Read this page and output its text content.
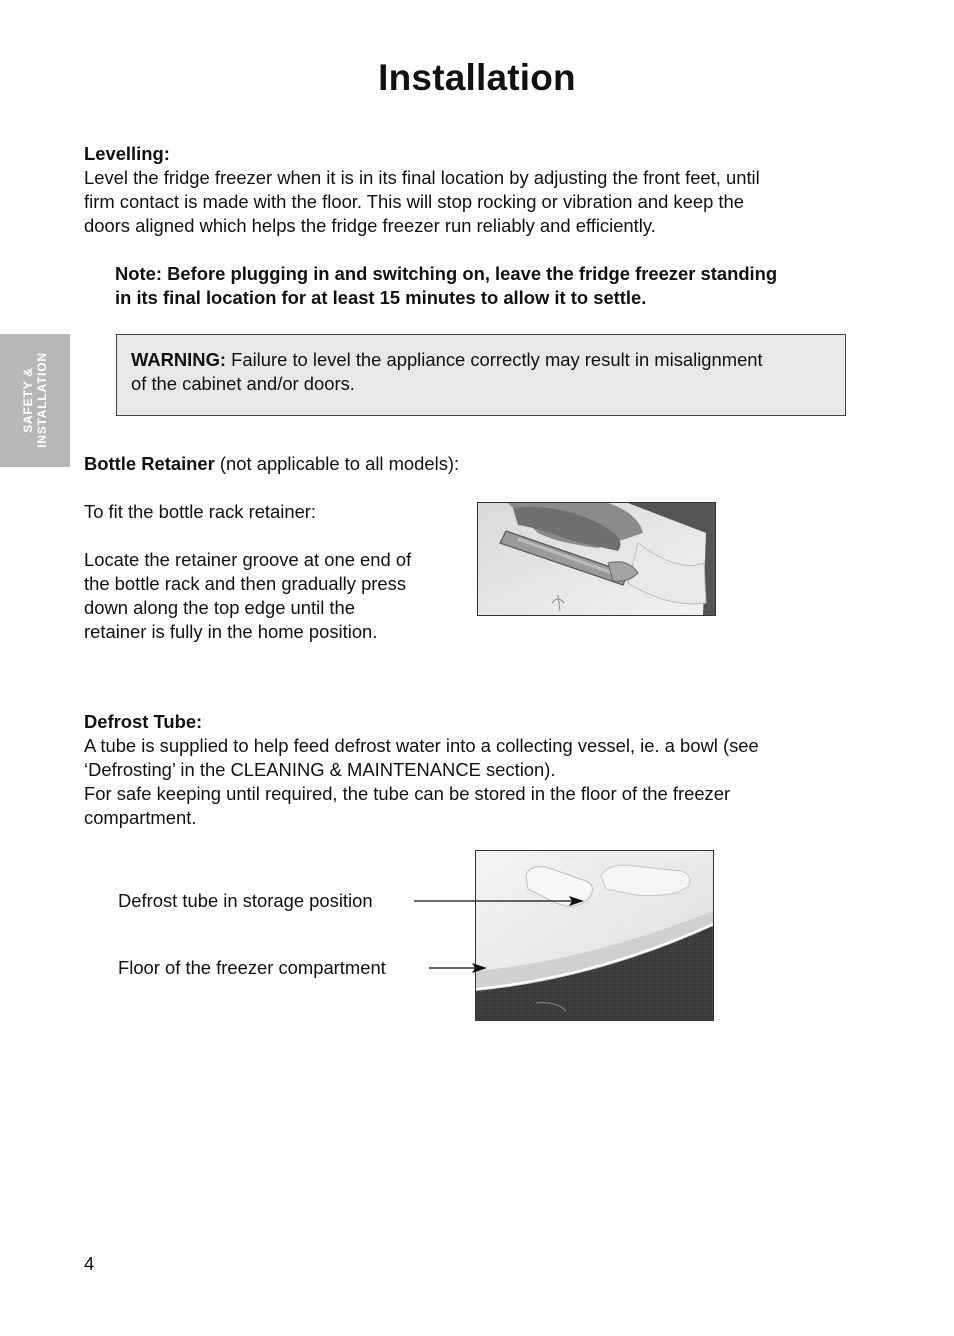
Installation
SAFETY & INSTALLATION

Levelling:

Level the fridge freezer when it is in its final location by adjusting the front feet, until

firm contact is made with the floor. This will stop rocking or vibration and keep the

doors aligned which helps the fridge freezer run reliably and efficiently.

Note: Before plugging in and switching on, leave the fridge freezer standing

in its final location for at least 15 minutes to allow it to settle.

WARNING: Failure to level the appliance correctly may result in misalignment

of the cabinet and/or doors.

Bottle Retainer (not applicable to all models):

To fit the bottle rack retainer:

Locate the retainer groove at one end of

the bottle rack and then gradually press

down along the top edge until the

retainer is fully in the home position.

Defrost Tube:

A tube is supplied to help feed defrost water into a collecting vessel, ie. a bowl (see

‘Defrosting’ in the CLEANING & MAINTENANCE section).

For safe keeping until required, the tube can be stored in the floor of the freezer

compartment.

Defrost tube in storage position
Floor of the freezer compartment
4
